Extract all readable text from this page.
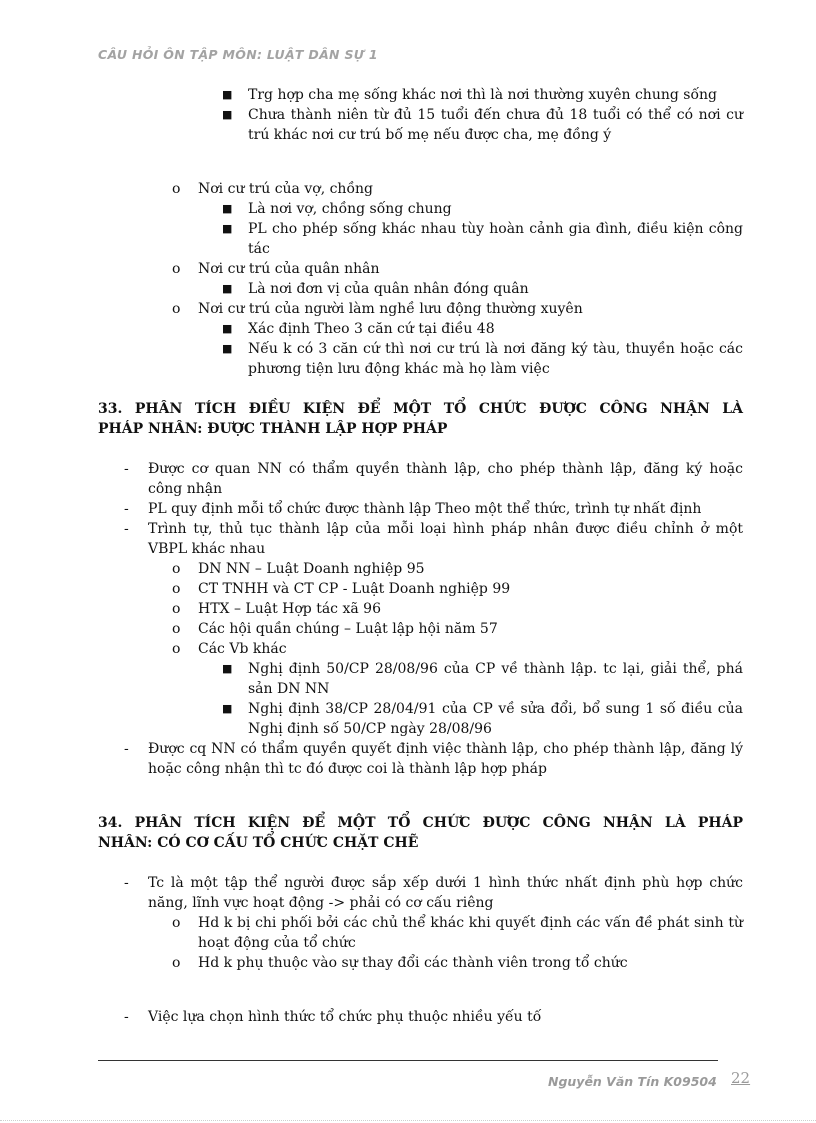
CÂU HỎI ÔN TẬP MÔN: LUẬT DÂN SỰ 1
■ Trg hợp cha mẹ sống khác nơi thì là nơi thường xuyên chung sống
■ Chưa thành niên từ đủ 15 tuổi đến chưa đủ 18 tuổi có thể có nơi cư
trú khác nơi cư trú bố mẹ nếu được cha, mẹ đồng ý
o Nơi cư trú của vợ, chồng
■ Là nơi vợ, chồng sống chung
■ PL cho phép sống khác nhau tùy hoàn cảnh gia đình, điều kiện công
tác
o Nơi cư trú của quân nhân
■ Là nơi đơn vị của quân nhân đóng quân
o Nơi cư trú của người làm nghề lưu động thường xuyên
■ Xác định Theo 3 căn cứ tại điều 48
■ Nếu k có 3 căn cứ thì nơi cư trú là nơi đăng ký tàu, thuyền hoặc các
phương tiện lưu động khác mà họ làm việc
33. PHÂN TÍCH ĐIỀU KIỆN ĐỂ MỘT TỔ CHỨC ĐƯỢC CÔNG NHẬN LÀ
PHÁP NHÂN: ĐƯỢC THÀNH LẬP HỢP PHÁP
- Được cơ quan NN có thẩm quyền thành lập, cho phép thành lập, đăng ký hoặc
công nhận
- PL quy định mỗi tổ chức được thành lập Theo một thể thức, trình tự nhất định
- Trình tự, thủ tục thành lập của mỗi loại hình pháp nhân được điều chỉnh ở một
VBPL khác nhau
o DN NN – Luật Doanh nghiệp 95
o CT TNHH và CT CP - Luật Doanh nghiệp 99
o HTX – Luật Hợp tác xã 96
o Các hội quần chúng – Luật lập hội năm 57
o Các Vb khác
■ Nghị định 50/CP 28/08/96 của CP về thành lập. tc lại, giải thể, phá
sản DN NN
■ Nghị định 38/CP 28/04/91 của CP về sửa đổi, bổ sung 1 số điều của
Nghị định số 50/CP ngày 28/08/96
- Được cq NN có thẩm quyền quyết định việc thành lập, cho phép thành lập, đăng lý
hoặc công nhận thì tc đó được coi là thành lập hợp pháp
34. PHÂN TÍCH KIỆN ĐỂ MỘT TỔ CHỨC ĐƯỢC CÔNG NHẬN LÀ PHÁP
NHÂN: CÓ CƠ CẤU TỔ CHỨC CHẶT CHẼ
- Tc là một tập thể người được sắp xếp dưới 1 hình thức nhất định phù hợp chức
năng, lĩnh vực hoạt động -> phải có cơ cấu riêng
o Hd k bị chi phối bởi các chủ thể khác khi quyết định các vấn đề phát sinh từ
hoạt động của tổ chức
o Hd k phụ thuộc vào sự thay đổi các thành viên trong tổ chức
- Việc lựa chọn hình thức tổ chức phụ thuộc nhiều yếu tố
Nguyễn Văn Tín K09504 22
